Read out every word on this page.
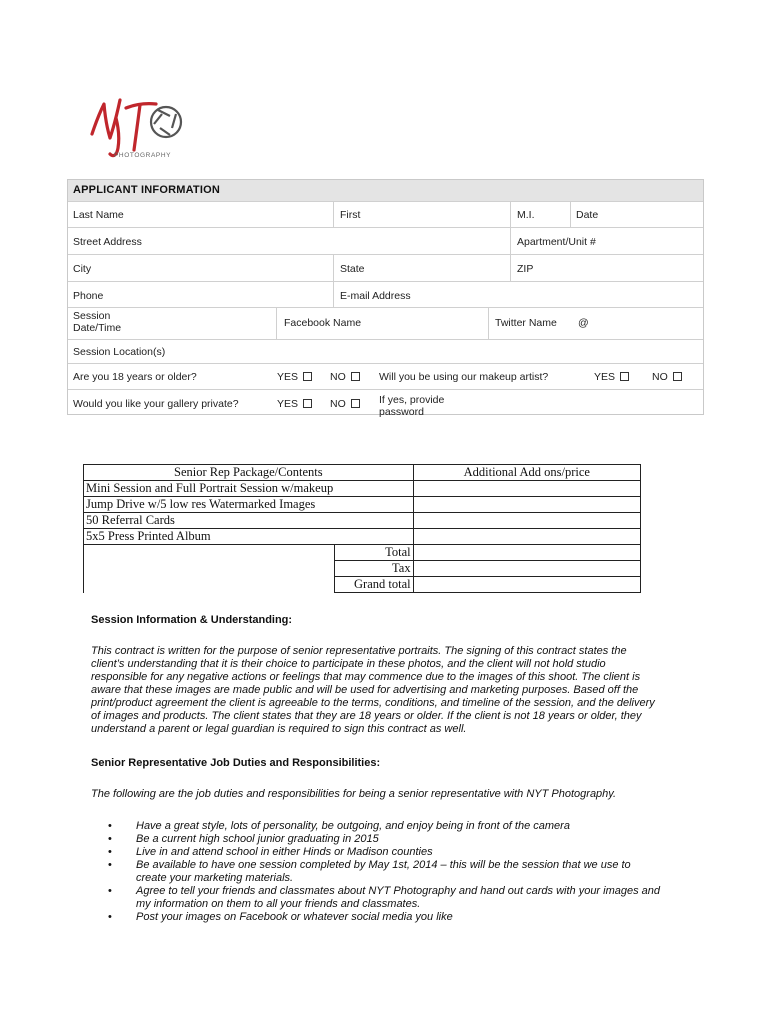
PHOTOGRAPHY
APPLICANT INFORMATION
Last Name	First	M.I.	Date
Street Address	Apartment/Unit #
City	State	ZIP
Phone	E-mail Address
Session
Date/Time	Facebook Name	Twitter Name @
Session Location(s)
Are you 18 years or older?	YES	NO	Will you be using our makeup artist?	YES	NO
Would you like your gallery private?	YES	NO	If yes, provide
password
Senior Rep Package/Contents		Additional Add ons/price
Mini Session and Full Portrait Session w/makeup		
Jump Drive w/5 low res Watermarked Images		
50 Referral Cards		
5x5 Press Printed Album		
	Total	
	Tax	
	Grand total	
Session Information & Understanding:
This contract is written for the purpose of senior representative portraits. The signing of this contract states the
client’s understanding that it is their choice to participate in these photos, and the client will not hold studio
responsible for any negative actions or feelings that may commence due to the images of this shoot. The client is
aware that these images are made public and will be used for advertising and marketing purposes. Based off the
print/product agreement the client is agreeable to the terms, conditions, and timeline of the session, and the delivery
of images and products. The client states that they are 18 years or older. If the client is not 18 years or older, they
understand a parent or legal guardian is required to sign this contract as well.
Senior Representative Job Duties and Responsibilities:
The following are the job duties and responsibilities for being a senior representative with NYT Photography.
• Have a great style, lots of personality, be outgoing, and enjoy being in front of the camera
• Be a current high school junior graduating in 2015
• Live in and attend school in either Hinds or Madison counties
• Be available to have one session completed by May 1st, 2014 – this will be the session that we use to
create your marketing materials.
• Agree to tell your friends and classmates about NYT Photography and hand out cards with your images and
my information on them to all your friends and classmates.
• Post your images on Facebook or whatever social media you like
